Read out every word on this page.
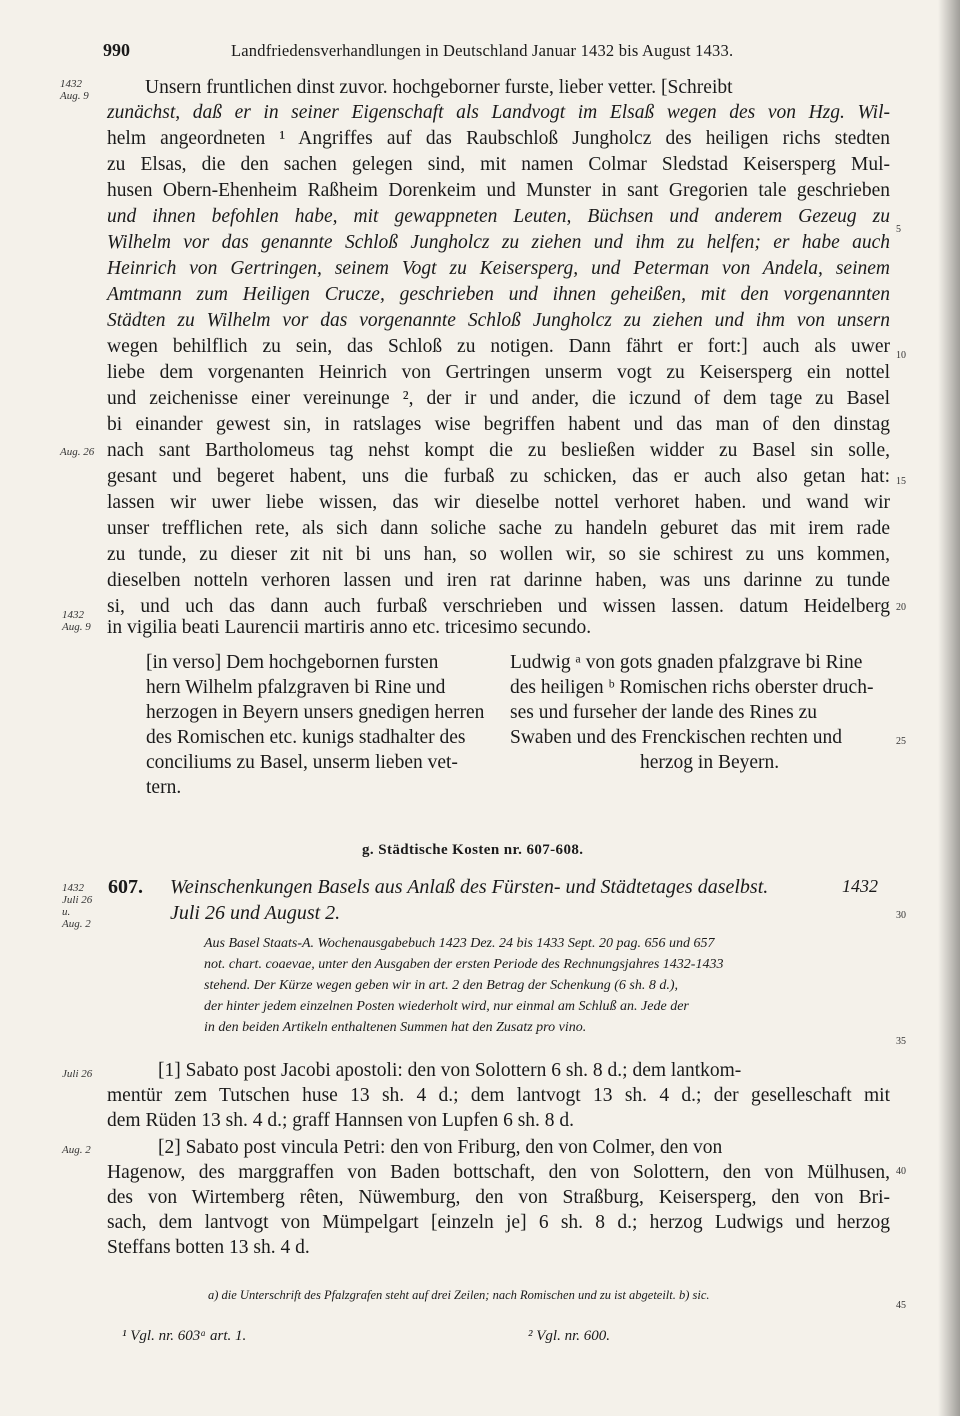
990	Landfriedensverhandlungen in Deutschland Januar 1432 bis August 1433.
1432
Aug. 9
Aug. 26
1432
Aug. 9
1432
Juli 26
u.
Aug. 2
Juli 26
Aug. 2
5
10
15
20
25
30
35
40
45
Unsern fruntlichen dinst zuvor. hochgeborner furste, lieber vetter. [Schreibt
zunächst, daß er in seiner Eigenschaft als Landvogt im Elsaß wegen des von Hzg. Wil-
helm angeordneten ¹ Angriffes auf das Raubschloß Jungholcz des heiligen richs stedten
zu Elsas, die den sachen gelegen sind, mit namen Colmar Sledstad Keisersperg Mul-
husen Obern-Ehenheim Raßheim Dorenkeim und Munster in sant Gregorien tale geschrieben
und ihnen befohlen habe, mit gewappneten Leuten, Büchsen und anderem Gezeug zu
Wilhelm vor das genannte Schloß Jungholcz zu ziehen und ihm zu helfen; er habe auch
Heinrich von Gertringen, seinem Vogt zu Keisersperg, und Peterman von Andela, seinem
Amtmann zum Heiligen Crucze, geschrieben und ihnen geheißen, mit den vorgenannten
Städten zu Wilhelm vor das vorgenannte Schloß Jungholcz zu ziehen und ihm von unsern
wegen behilflich zu sein, das Schloß zu notigen. Dann fährt er fort:] auch als uwer
liebe dem vorgenanten Heinrich von Gertringen unserm vogt zu Keisersperg ein nottel
und zeichenisse einer vereinunge ², der ir und ander, die iczund of dem tage zu Basel
bi einander gewest sin, in ratslages wise begriffen habent und das man of den dinstag
nach sant Bartholomeus tag nehst kompt die zu besließen widder zu Basel sin solle,
gesant und begeret habent, uns die furbaß zu schicken, das er auch also getan hat:
lassen wir uwer liebe wissen, das wir dieselbe nottel verhoret haben. und wand wir
unser trefflichen rete, als sich dann soliche sache zu handeln geburet das mit irem rade
zu tunde, zu dieser zit nit bi uns han, so wollen wir, so sie schirest zu uns kommen,
dieselben notteln verhoren lassen und iren rat darinne haben, was uns darinne zu tunde
si, und uch das dann auch furbaß verschrieben und wissen lassen. datum Heidelberg
in vigilia beati Laurencii martiris anno etc. tricesimo secundo.
[in verso] Dem hochgebornen fursten
hern Wilhelm pfalzgraven bi Rine und
herzogen in Beyern unsers gnedigen herren
des Romischen etc. kunigs stadhalter des
conciliums zu Basel, unserm lieben vet-
tern.
Ludwig ᵃ von gots gnaden pfalzgrave bi Rine
des heiligen ᵇ Romischen richs oberster druch-
ses und furseher der lande des Rines zu
Swaben und des Frenckischen rechten und
herzog in Beyern.
g. Städtische Kosten nr. 607-608.
607. Weinschenkungen Basels aus Anlaß des Fürsten- und Städtetages daselbst.	1432
Juli 26 und August 2.
Aus Basel Staats-A. Wochenausgabebuch 1423 Dez. 24 bis 1433 Sept. 20 pag. 656 und 657
not. chart. coaevae, unter den Ausgaben der ersten Periode des Rechnungsjahres 1432-1433
stehend. Der Kürze wegen geben wir in art. 2 den Betrag der Schenkung (6 sh. 8 d.),
der hinter jedem einzelnen Posten wiederholt wird, nur einmal am Schluß an. Jede der
in den beiden Artikeln enthaltenen Summen hat den Zusatz pro vino.
[1] Sabato post Jacobi apostoli: den von Solottern 6 sh. 8 d.; dem lantkom-
mentür zem Tutschen huse 13 sh. 4 d.; dem lantvogt 13 sh. 4 d.; der geselleschaft mit
dem Rüden 13 sh. 4 d.; graff Hannsen von Lupfen 6 sh. 8 d.
[2] Sabato post vincula Petri: den von Friburg, den von Colmer, den von
Hagenow, des marggraffen von Baden bottschaft, den von Solottern, den von Mülhusen,
des von Wirtemberg rêten, Nüwemburg, den von Straßburg, Keisersperg, den von Bri-
sach, dem lantvogt von Mümpelgart [einzeln je] 6 sh. 8 d.; herzog Ludwigs und herzog
Steffans botten 13 sh. 4 d.
a) die Unterschrift des Pfalzgrafen steht auf drei Zeilen; nach Romischen und zu ist abgeteilt. b) sic.
¹ Vgl. nr. 603ᵃ art. 1.	² Vgl. nr. 600.
